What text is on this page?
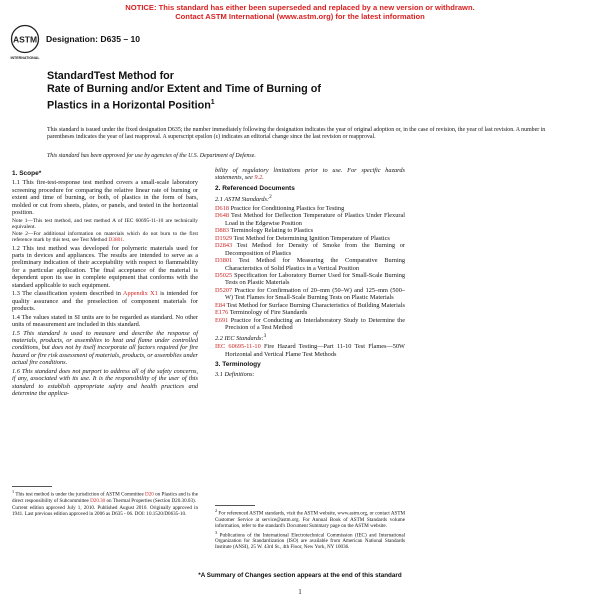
NOTICE: This standard has either been superseded and replaced by a new version or withdrawn.
Contact ASTM International (www.astm.org) for the latest information
ASTM
INTERNATIONAL
Designation: D635 – 10
StandardTest Method for
Rate of Burning and/or Extent and Time of Burning of
Plastics in a Horizontal Position$^1$
This standard is issued under the fixed designation D635; the number immediately following the designation indicates the year of original adoption or, in the case of revision, the year of last revision. A number in parentheses indicates the year of last reapproval. A superscript epsilon (ε) indicates an editorial change since the last revision or reapproval.
This standard has been approved for use by agencies of the U.S. Department of Defense.
1. Scope*

1.1 This fire-test-response test method covers a small-scale laboratory screening procedure for comparing the relative linear rate of burning or extent and time of burning, or both, of plastics in the form of bars, molded or cut from sheets, plates, or panels, and tested in the horizontal position.

Note 1—This test method, and test method A of IEC 60695-11-10 are technically equivalent.

Note 2—For additional information on materials which do not burn to the first reference mark by this test, see Test Method D3801.

1.2 This test method was developed for polymeric materials used for parts in devices and appliances. The results are intended to serve as a preliminary indication of their acceptability with respect to flammability for a particular application. The final acceptance of the material is dependent upon its use in complete equipment that conforms with the standard applicable to such equipment.

1.3 The classification system described in Appendix X1 is intended for quality assurance and the preselection of component materials for products.

1.4 The values stated in SI units are to be regarded as standard. No other units of measurement are included in this standard.

1.5 This standard is used to measure and describe the response of materials, products, or assemblies to heat and flame under controlled conditions, but does not by itself incorporate all factors required for fire hazard or fire risk assessment of materials, products, or assemblies under actual fire conditions.

1.6 This standard does not purport to address all of the safety concerns, if any, associated with its use. It is the responsibility of the user of this standard to establish appropriate safety and health practices and determine the applica-

bility of regulatory limitations prior to use. For specific hazards statements, see 9.2.

2. Referenced Documents

2.1 ASTM Standards:$^2$

D618 Practice for Conditioning Plastics for Testing

D648 Test Method for Deflection Temperature of Plastics Under Flexural Load in the Edgewise Position

D883 Terminology Relating to Plastics

D1929 Test Method for Determining Ignition Temperature of Plastics

D2843 Test Method for Density of Smoke from the Burning or Decomposition of Plastics

D3801 Test Method for Measuring the Comparative Burning Characteristics of Solid Plastics in a Vertical Position

D5025 Specification for Laboratory Burner Used for Small-Scale Burning Tests on Plastic Materials

D5207 Practice for Confirmation of 20–mm (50–W) and 125–mm (500–W) Test Flames for Small-Scale Burning Tests on Plastic Materials

E84 Test Method for Surface Burning Characteristics of Building Materials

E176 Terminology of Fire Standards

E691 Practice for Conducting an Interlaboratory Study to Determine the Precision of a Test Method

2.2 IEC Standards:$^3$

IEC 60695-11-10 Fire Hazard Testing—Part 11-10 Test Flames—50W Horizontal and Vertical Flame Test Methods

3. Terminology

3.1 Definitions:

$^1$ This test method is under the jurisdiction of ASTM Committee D20 on Plastics and is the direct responsibility of Subcommittee D20.30 on Thermal Properties (Section D20.30.03).

Current edition approved July 1, 2010. Published August 2010. Originally approved in 1941. Last previous edition approved in 2006 as D635 - 06. DOI: 10.1520/D0635-10.

$^2$ For referenced ASTM standards, visit the ASTM website, www.astm.org, or contact ASTM Customer Service at service@astm.org. For Annual Book of ASTM Standards volume information, refer to the standard's Document Summary page on the ASTM website.

$^3$ Publications of the International Electrotechnical Commission (IEC) and International Organization for Standardization (ISO) are available from American National Standards Institute (ANSI), 25 W. 43rd St., 4th Floor, New York, NY 10036.

*A Summary of Changes section appears at the end of this standard
1
